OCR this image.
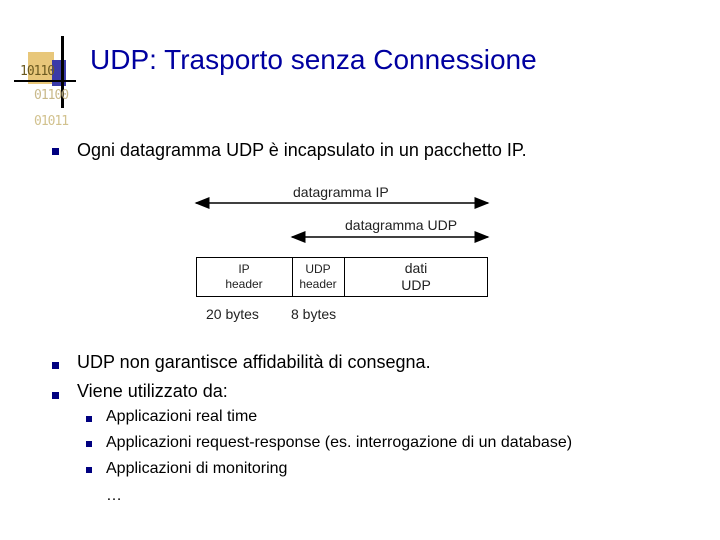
10110
01100
01011
UDP: Trasporto senza Connessione
Ogni datagramma UDP è incapsulato in un pacchetto IP.
datagramma IP
datagramma UDP
IP
header
UDP
header
dati
UDP
20 bytes 8 bytes
UDP non garantisce affidabilità di consegna.
Viene utilizzato da:
Applicazioni real time
Applicazioni request-response (es. interrogazione di un database)
Applicazioni di monitoring
…
